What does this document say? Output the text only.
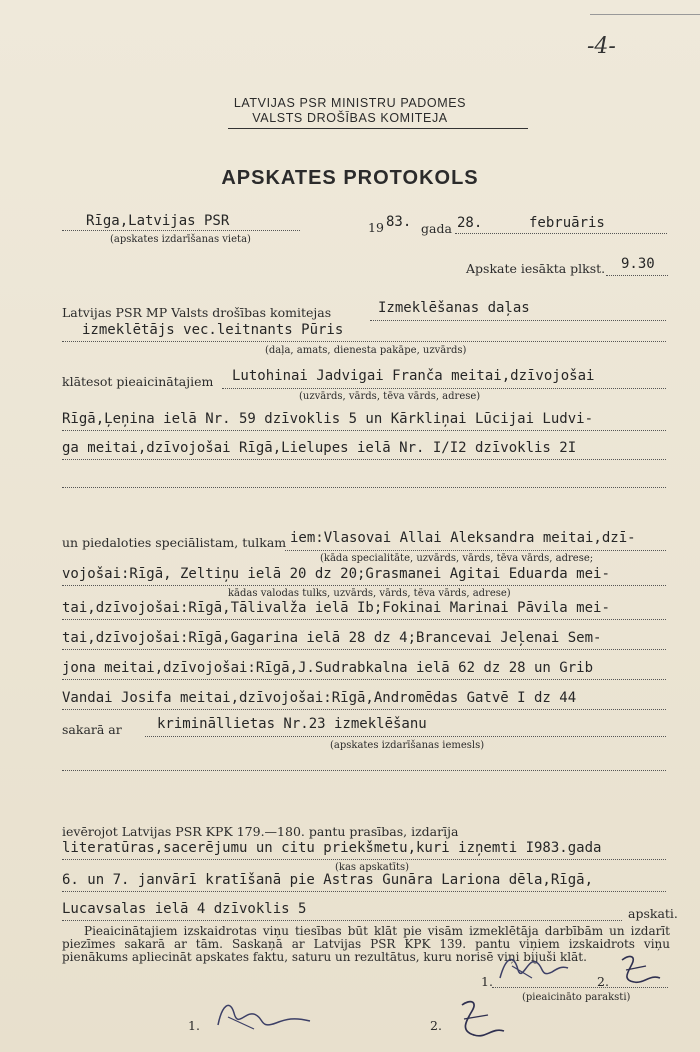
-4-
LATVIJAS PSR MINISTRU PADOMES
VALSTS DROŠĪBAS KOMITEJA
APSKATES PROTOKOLS
Rīga,Latvijas PSR
(apskates izdarīšanas vieta)
19 83. gada 28.	februāris
Apskate iesākta plkst. 9.30
Latvijas PSR MP Valsts drošības komitejas	Izmeklēšanas daļas
izmeklētājs vec.leitnants Pūris
(daļa, amats, dienesta pakāpe, uzvārds)
klātesot pieaicinātajiem Lutohinai Jadvigai Franča meitai,dzīvojošai
(uzvārds, vārds, tēva vārds, adrese)
Rīgā,Ļeņina ielā Nr. 59 dzīvoklis 5 un Kārkliņai Lūcijai Ludvi-
ga meitai,dzīvojošai Rīgā,Lielupes ielā Nr. I/I2 dzīvoklis 2I
un piedaloties speciālistam, tulkam iem:Vlasovai Allai Aleksandra meitai,dzī-
(kāda specialitāte, uzvārds, vārds, tēva vārds, adrese;
vojošai:Rīgā, Zeltiņu ielā 20 dz 20;Grasmanei Agitai Eduarda mei-
kādas valodas tulks, uzvārds, vārds, tēva vārds, adrese)
tai,dzīvojošai:Rīgā,Tālivalža ielā Ib;Fokinai Marinai Pāvila mei-
tai,dzīvojošai:Rīgā,Gagarina ielā 28 dz 4;Brancevai Jeļenai Sem-
jona meitai,dzīvojošai:Rīgā,J.Sudrabkalna ielā 62 dz 28 un Grib
Vandai Josifa meitai,dzīvojošai:Rīgā,Andromēdas Gatvē I dz 44
sakarā ar	krimināllietas Nr.23 izmeklēšanu
(apskates izdarīšanas iemesls)
ievērojot Latvijas PSR KPK 179.—180. pantu prasības, izdarīja
literatūras,sacerējumu un citu priekšmetu,kuri izņemti I983.gada
(kas apskatīts)
6. un 7. janvārī kratīšanā pie Astras Gunāra Lariona dēla,Rīgā,
Lucavsalas ielā 4 dzīvoklis 5	apskati.
Pieaicinātajiem izskaidrotas viņu tiesības būt klāt pie visām izmeklētāja darbībām un izdarīt piezīmes sakarā ar tām. Saskaņā ar Latvijas PSR KPK 139. pantu viņiem izskaidrots viņu pienākums apliecināt apskates faktu, saturu un rezultātus, kuru norisē viņi bijuši klāt.
1.	2.
(pieaicināto paraksti)
1.	2.
